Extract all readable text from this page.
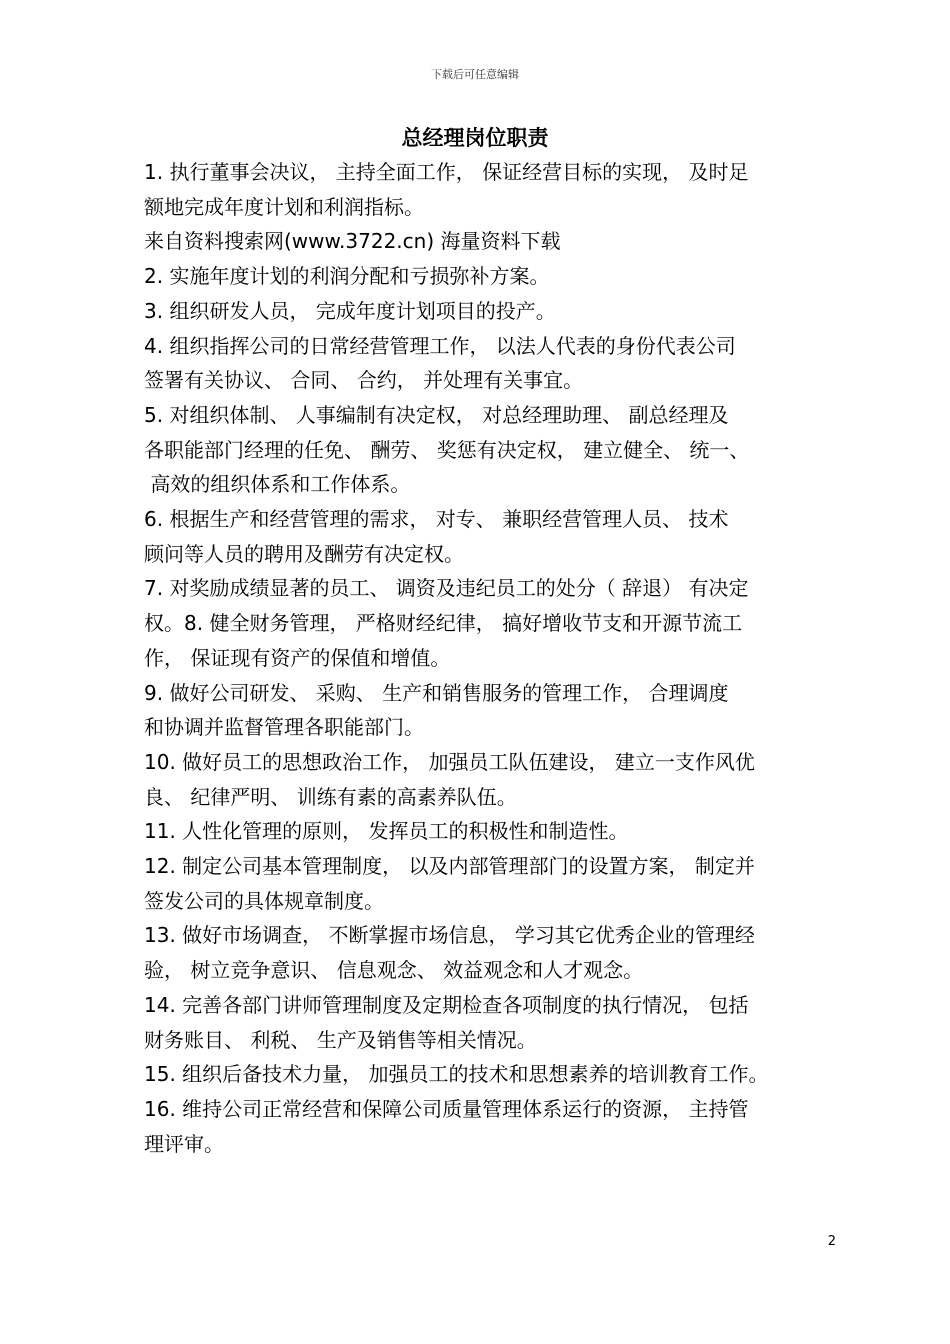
下载后可任意编辑
总经理岗位职责
1. 执行董事会决议， 主持全面工作， 保证经营目标的实现， 及时足
额地完成年度计划和利润指标。
来自资料搜索网(www.3722.cn) 海量资料下载
2. 实施年度计划的利润分配和亏损弥补方案。
3. 组织研发人员， 完成年度计划项目的投产。
4. 组织指挥公司的日常经营管理工作， 以法人代表的身份代表公司
签署有关协议、 合同、 合约， 并处理有关事宜。
5. 对组织体制、 人事编制有决定权， 对总经理助理、 副总经理及
各职能部门经理的任免、 酬劳、 奖惩有决定权， 建立健全、 统一、
高效的组织体系和工作体系。
6. 根据生产和经营管理的需求， 对专、 兼职经营管理人员、 技术
顾问等人员的聘用及酬劳有决定权。
7. 对奖励成绩显著的员工、 调资及违纪员工的处分（ 辞退） 有决定
权。8. 健全财务管理， 严格财经纪律， 搞好增收节支和开源节流工
作， 保证现有资产的保值和增值。
9. 做好公司研发、 采购、 生产和销售服务的管理工作， 合理调度
和协调并监督管理各职能部门。
10. 做好员工的思想政治工作， 加强员工队伍建设， 建立一支作风优
良、 纪律严明、 训练有素的高素养队伍。
11. 人性化管理的原则， 发挥员工的积极性和制造性。
12. 制定公司基本管理制度， 以及内部管理部门的设置方案， 制定并
签发公司的具体规章制度。
13. 做好市场调查， 不断掌握市场信息， 学习其它优秀企业的管理经
验， 树立竞争意识、 信息观念、 效益观念和人才观念。
14. 完善各部门讲师管理制度及定期检查各项制度的执行情况， 包括
财务账目、 利税、 生产及销售等相关情况。
15. 组织后备技术力量， 加强员工的技术和思想素养的培训教育工作。
16. 维持公司正常经营和保障公司质量管理体系运行的资源， 主持管
理评审。
2
